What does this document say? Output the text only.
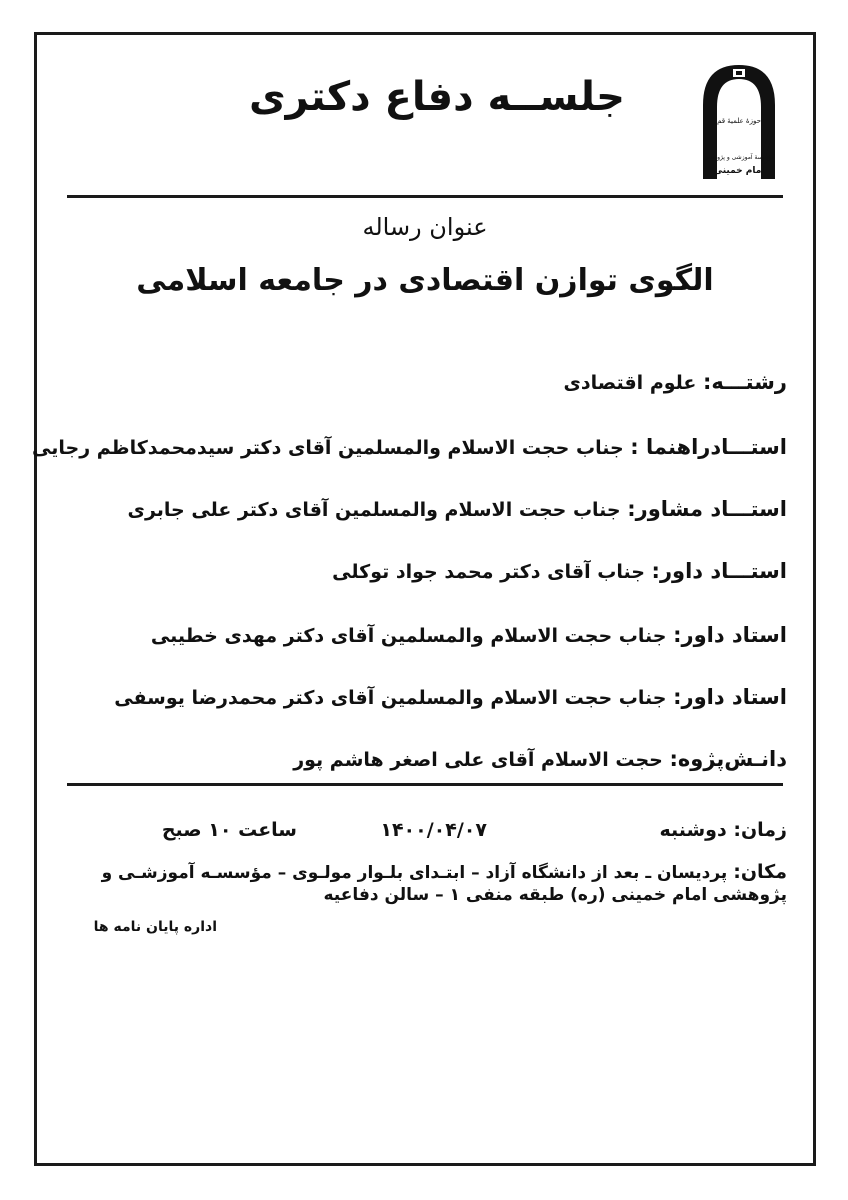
حوزهٔ علمیهٔ قم
مؤسسهٔ آموزشی و پژوهشی
امام خمینی
جلســه دفاع دکتری
عنوان رساله
الگوی توازن اقتصادی در جامعه اسلامی
رشتـــه: علوم اقتصادی
استـــادراهنما : جناب حجت الاسلام والمسلمین آقای دکتر سیدمحمدکاظم رجایی
استـــاد مشاور: جناب حجت الاسلام والمسلمین آقای دکتر علی جابری
استـــاد داور: جناب آقای دکتر محمد جواد توکلی
استاد داور: جناب حجت الاسلام والمسلمین آقای دکتر مهدی خطیبی
استاد داور: جناب حجت الاسلام والمسلمین آقای دکتر محمدرضا یوسفی
دانـش‌پژوه: حجت الاسلام آقای علی اصغر هاشم پور
زمان: دوشنبه
۱۴۰۰/۰۴/۰۷
ساعت ۱۰ صبح
مکان: پردیسان ـ بعد از دانشگاه آزاد – ابتـدای بلـوار مولـوی – مؤسسـه آموزشـی و پژوهشی امام خمینی (ره) طبقه منفی ۱ – سالن دفاعیه
اداره پایان نامه ها
